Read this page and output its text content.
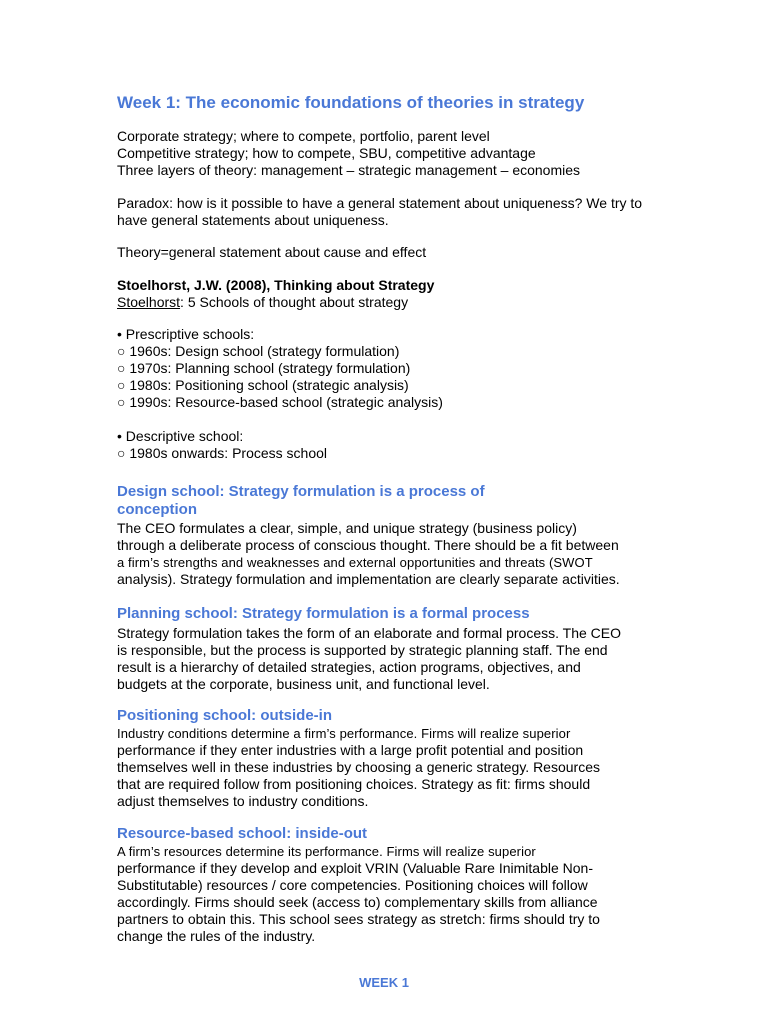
Week 1: The economic foundations of theories in strategy
Corporate strategy; where to compete, portfolio, parent level
Competitive strategy; how to compete, SBU, competitive advantage
Three layers of theory: management – strategic management – economies
Paradox: how is it possible to have a general statement about uniqueness? We try to
have general statements about uniqueness.
Theory=general statement about cause and effect
Stoelhorst, J.W. (2008), Thinking about Strategy
Stoelhorst: 5 Schools of thought about strategy
• Prescriptive schools:
○ 1960s: Design school (strategy formulation)
○ 1970s: Planning school (strategy formulation)
○ 1980s: Positioning school (strategic analysis)
○ 1990s: Resource-based school (strategic analysis)
• Descriptive school:
○ 1980s onwards: Process school
Design school: Strategy formulation is a process of
conception
The CEO formulates a clear, simple, and unique strategy (business policy)
through a deliberate process of conscious thought. There should be a fit between
a firm’s strengths and weaknesses and external opportunities and threats (SWOT
analysis). Strategy formulation and implementation are clearly separate activities.
Planning school: Strategy formulation is a formal process
Strategy formulation takes the form of an elaborate and formal process. The CEO
is responsible, but the process is supported by strategic planning staff. The end
result is a hierarchy of detailed strategies, action programs, objectives, and
budgets at the corporate, business unit, and functional level.
Positioning school: outside-in
Industry conditions determine a firm’s performance. Firms will realize superior
performance if they enter industries with a large profit potential and position
themselves well in these industries by choosing a generic strategy. Resources
that are required follow from positioning choices. Strategy as fit: firms should
adjust themselves to industry conditions.
Resource-based school: inside-out
A firm’s resources determine its performance. Firms will realize superior
performance if they develop and exploit VRIN (Valuable Rare Inimitable Non-
Substitutable) resources / core competencies. Positioning choices will follow
accordingly. Firms should seek (access to) complementary skills from alliance
partners to obtain this. This school sees strategy as stretch: firms should try to
change the rules of the industry.
WEEK 1
